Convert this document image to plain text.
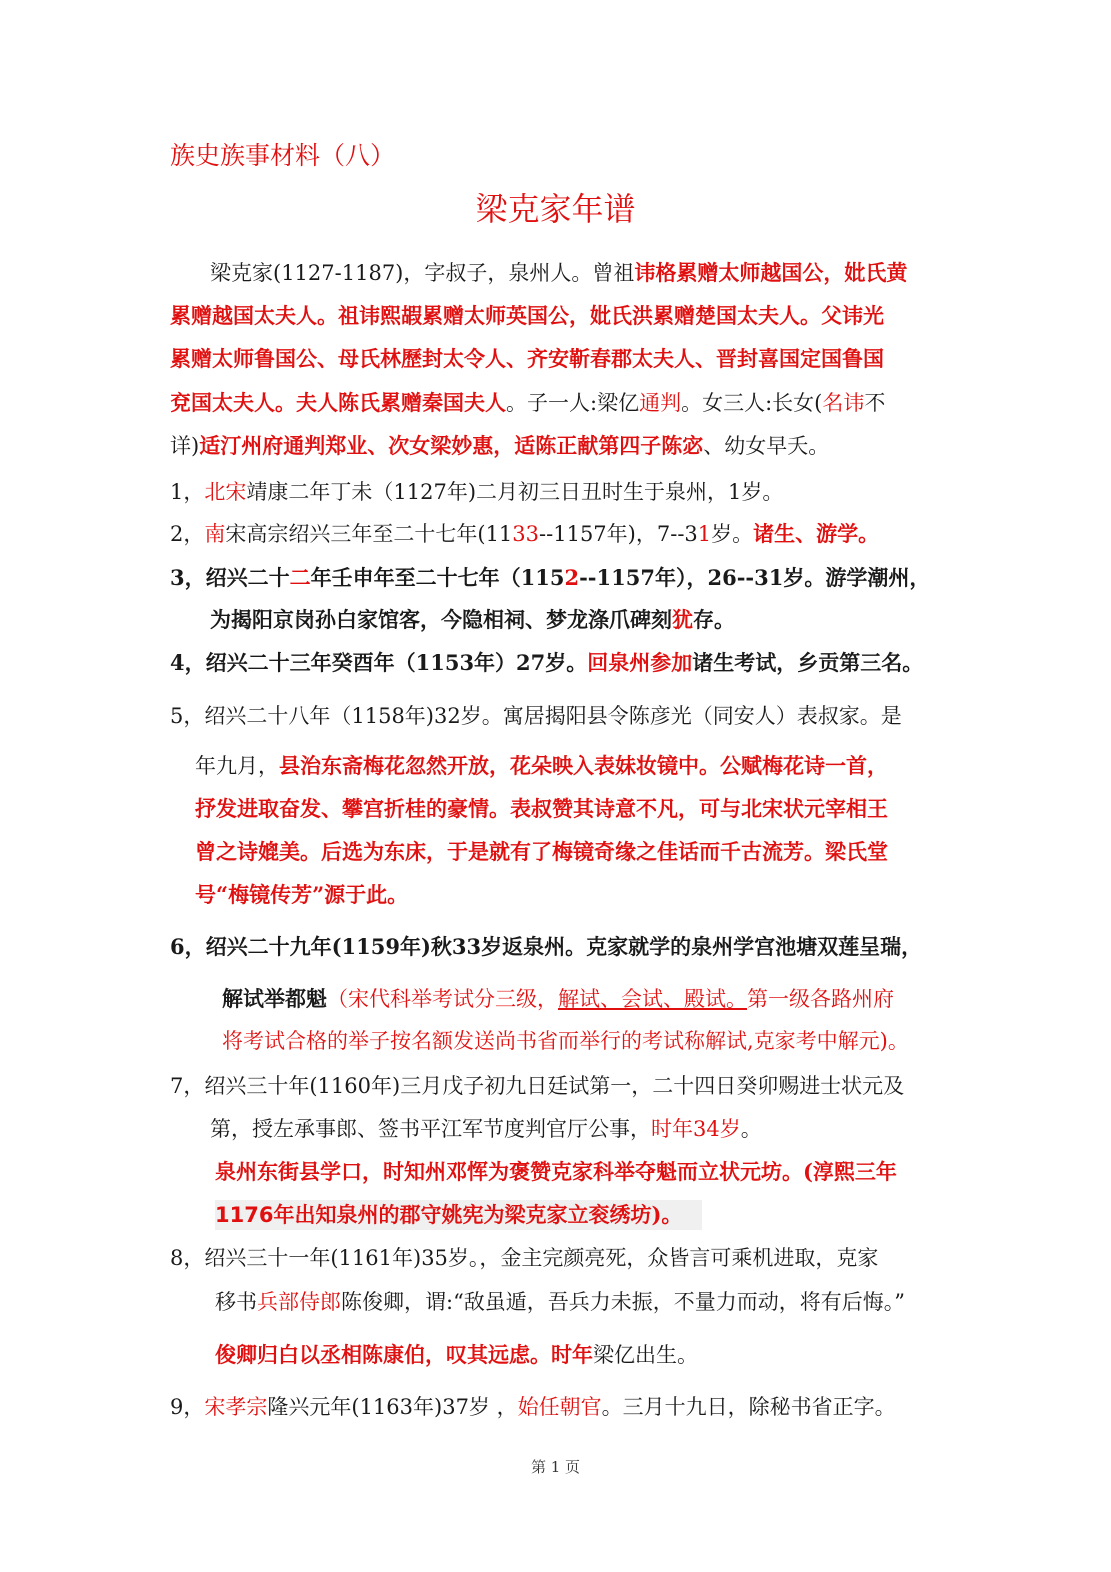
族史族事材料（八）
梁克家年谱
梁克家(1127-1187)，字叔子，泉州人。曾祖讳格累赠太师越国公，妣氏黄
累赠越国太夫人。祖讳熙嘏累赠太师英国公，妣氏洪累赠楚国太夫人。父讳光
累赠太师鲁国公、母氏林歷封太令人、齐安靳春郡太夫人、晋封喜国定国鲁国
兗国太夫人。夫人陈氏累赠秦国夫人。子一人:梁亿通判。女三人:长女(名讳不
详)适汀州府通判郑业、次女梁妙惠，适陈正献第四子陈宓、幼女早夭。
1，北宋靖康二年丁未（1127年)二月初三日丑时生于泉州，1岁。
2，南宋高宗绍兴三年至二十七年(1133--1157年)，7--31岁。诸生、游学。
3，绍兴二十二年壬申年至二十七年（1152--1157年），26--31岁。游学潮州，
为揭阳京岗孙白家馆客，今隐相祠、梦龙涤爪碑刻犹存。
4，绍兴二十三年癸酉年（1153年）27岁。回泉州参加诸生考试，乡贡第三名。
5，绍兴二十八年（1158年)32岁。寓居揭阳县令陈彦光（同安人）表叔家。是
年九月，县治东斋梅花忽然开放，花朵映入表妹妆镜中。公赋梅花诗一首，
抒发进取奋发、攀宫折桂的豪情。表叔赞其诗意不凡，可与北宋状元宰相王
曾之诗媲美。后选为东床，于是就有了梅镜奇缘之佳话而千古流芳。梁氏堂
号“梅镜传芳”源于此。
6，绍兴二十九年(1159年)秋33岁返泉州。克家就学的泉州学宫池塘双莲呈瑞，
解试举都魁（宋代科举考试分三级，解试、会试、殿试。第一级各路州府
将考试合格的举子按名额发送尚书省而举行的考试称解试,克家考中解元)。
7，绍兴三十年(1160年)三月戊子初九日廷试第一，二十四日癸卯赐进士状元及
第，授左承事郎、签书平江军节度判官厅公事，时年34岁。
泉州东街县学口，时知州邓恽为褒赞克家科举夺魁而立状元坊。(淳熙三年
1176年出知泉州的郡守姚宪为梁克家立衮绣坊)。
8，绍兴三十一年(1161年)35岁。，金主完颜亮死，众皆言可乘机进取，克家
移书兵部侍郎陈俊卿，谓:“敌虽遁，吾兵力未振，不量力而动，将有后悔。”
俊卿归白以丞相陈康伯，叹其远虑。时年梁亿出生。
9，宋孝宗隆兴元年(1163年)37岁 ，始任朝官。三月十九日，除秘书省正字。
第 1 页
